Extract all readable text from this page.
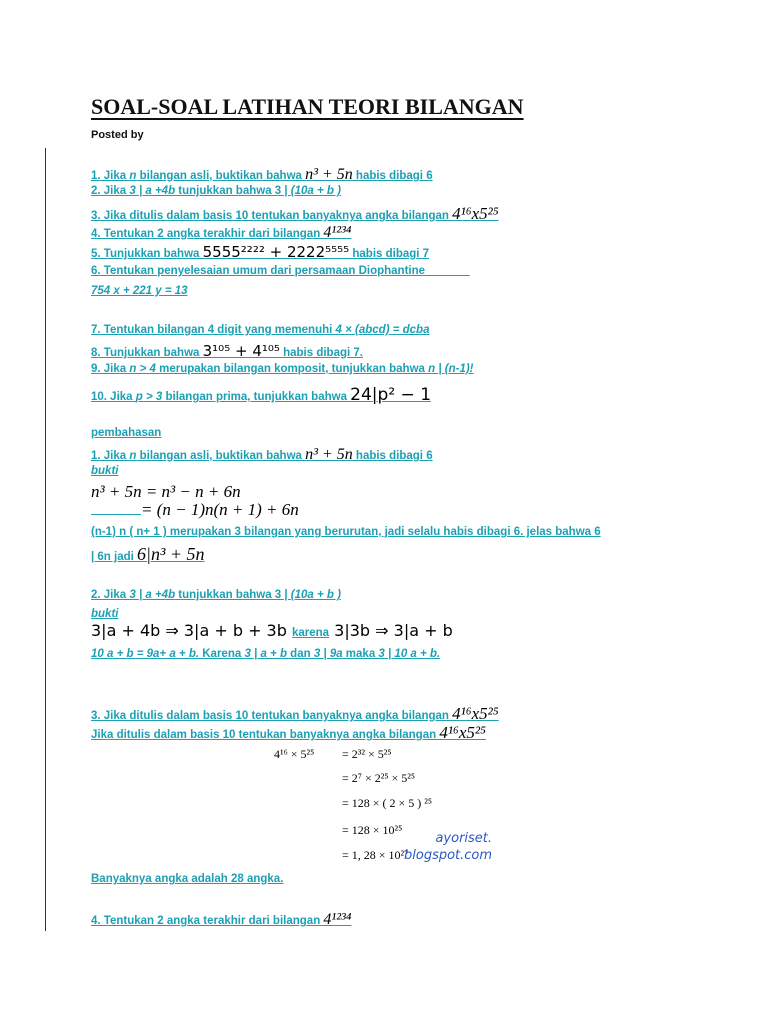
SOAL-SOAL LATIHAN TEORI BILANGAN
Posted by
1. Jika n bilangan asli, buktikan bahwa n³ + 5n habis dibagi 6
2. Jika 3 | a +4b tunjukkan bahwa 3 | (10a + b )
3. Jika ditulis dalam basis 10 tentukan banyaknya angka bilangan 4¹⁶x5²⁵
4. Tentukan 2 angka terakhir dari bilangan 4¹²³⁴
5. Tunjukkan bahwa 5555²²²² + 2222⁵⁵⁵⁵ habis dibagi 7
6. Tentukan penyelesaian umum dari persamaan Diophantine
754 x + 221 y = 13
7. Tentukan bilangan 4 digit yang memenuhi 4 × (abcd) = dcba
8. Tunjukkan bahwa 3¹⁰⁵ + 4¹⁰⁵ habis dibagi 7.
9. Jika n > 4 merupakan bilangan komposit, tunjukkan bahwa n | (n-1)!
10. Jika p > 3 bilangan prima, tunjukkan bahwa 24|p² − 1
pembahasan
1. Jika n bilangan asli, buktikan bahwa n³ + 5n habis dibagi 6
bukti
n³ + 5n = n³ − n + 6n
= (n − 1)n(n + 1) + 6n
(n-1) n ( n+ 1 ) merupakan 3 bilangan yang berurutan, jadi selalu habis dibagi 6. jelas bahwa 6
| 6n jadi 6|n³ + 5n
2. Jika 3 | a +4b tunjukkan bahwa 3 | (10a + b )
bukti
3|a + 4b ⇒ 3|a + b + 3b karena 3|3b ⇒ 3|a + b
10 a + b = 9a+ a + b. Karena 3 | a + b dan 3 | 9a maka 3 | 10 a + b.
3. Jika ditulis dalam basis 10 tentukan banyaknya angka bilangan 4¹⁶x5²⁵
Jika ditulis dalam basis 10 tentukan banyaknya angka bilangan 4¹⁶x5²⁵
4¹⁶ × 5²⁵ = 2³² × 5²⁵
= 2⁷ × 2²⁵ × 5²⁵
= 128 × ( 2 × 5 ) ²⁵
= 128 × 10²⁵
= 1, 28 × 10²⁷
ayoriset.
blogspot.com
Banyaknya angka adalah 28 angka.
4. Tentukan 2 angka terakhir dari bilangan 4¹²³⁴
